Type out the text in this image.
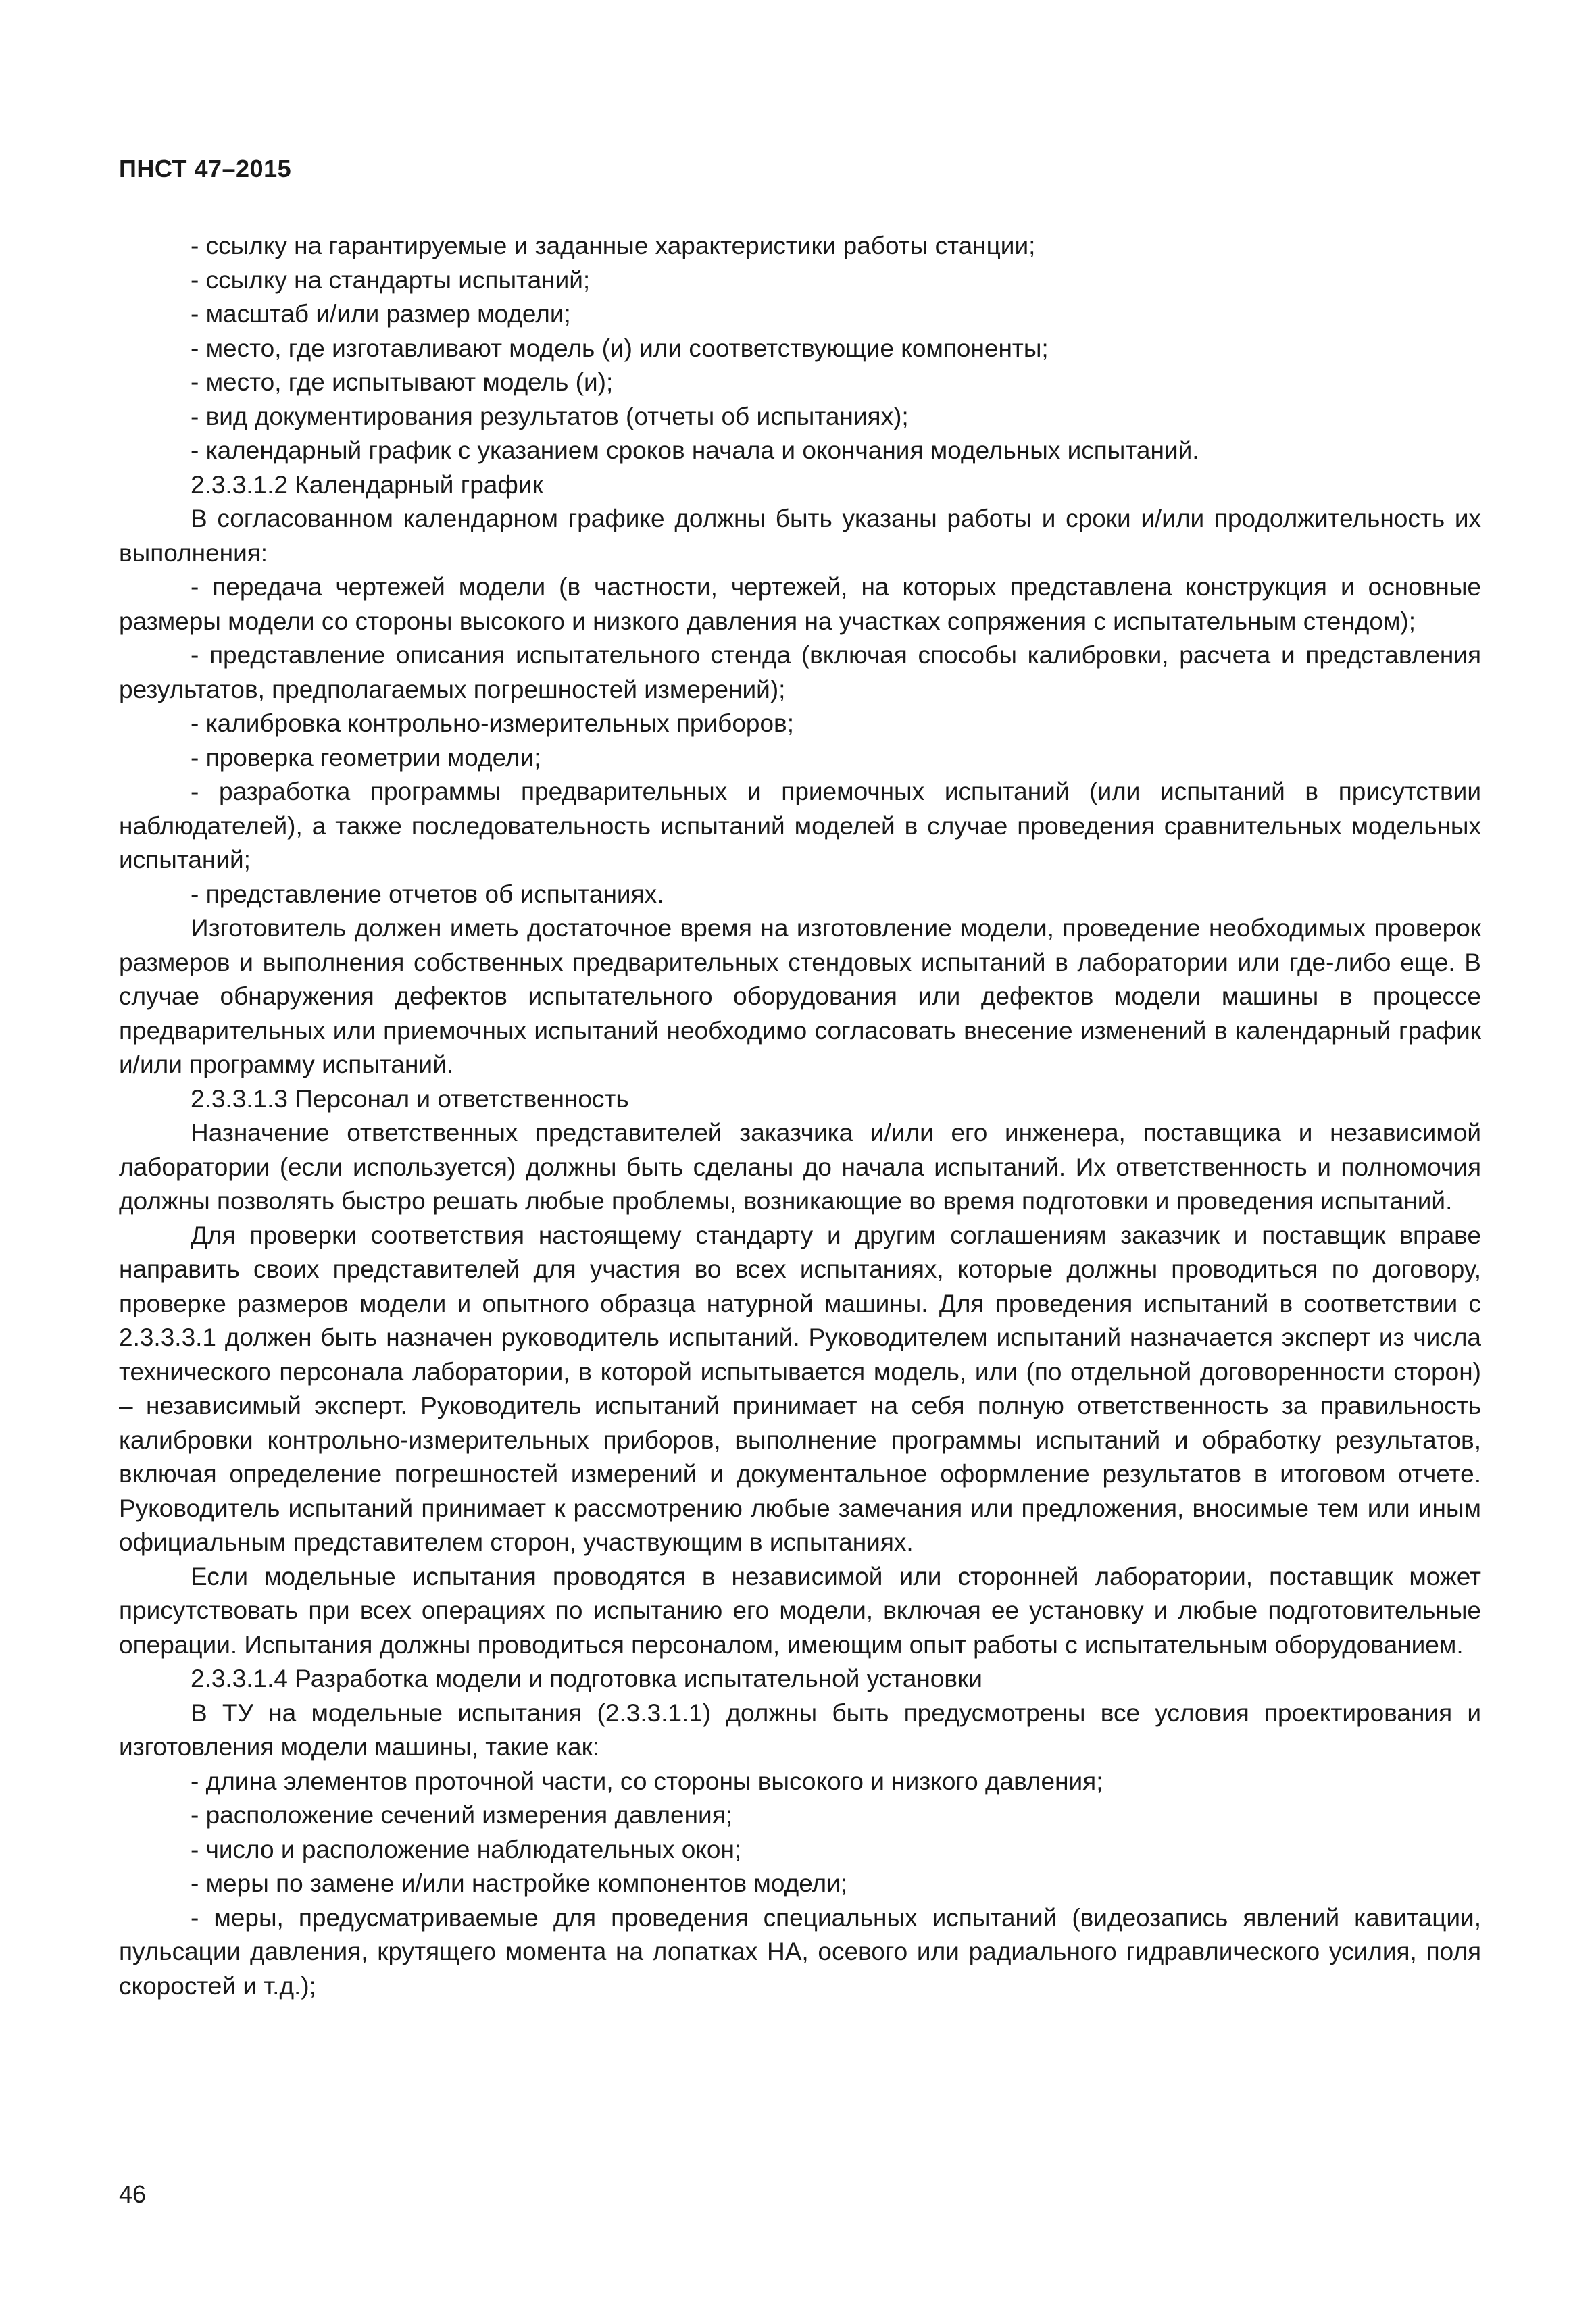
ПНСТ 47–2015

- ссылку на гарантируемые и заданные характеристики работы станции;

- ссылку на стандарты испытаний;

- масштаб и/или размер модели;

- место, где изготавливают модель (и) или соответствующие компоненты;

- место, где испытывают модель (и);

- вид документирования результатов (отчеты об испытаниях);

- календарный график с указанием сроков начала и окончания модельных испытаний.

2.3.3.1.2 Календарный график

В согласованном календарном графике должны быть указаны работы и сроки и/или продолжительность их выполнения:

- передача чертежей модели (в частности, чертежей, на которых представлена конструкция и основные размеры модели со стороны высокого и низкого давления на участках сопряжения с испытательным стендом);

- представление описания испытательного стенда (включая способы калибровки, расчета и представления результатов, предполагаемых погрешностей измерений);

- калибровка контрольно-измерительных приборов;

- проверка геометрии модели;

- разработка программы предварительных и приемочных испытаний (или испытаний в присутствии наблюдателей), а также последовательность испытаний моделей в случае проведения сравнительных модельных испытаний;

- представление отчетов об испытаниях.

Изготовитель должен иметь достаточное время на изготовление модели, проведение необходимых проверок размеров и выполнения собственных предварительных стендовых испытаний в лаборатории или где-либо еще. В случае обнаружения дефектов испытательного оборудования или дефектов модели машины в процессе предварительных или приемочных испытаний необходимо согласовать внесение изменений в календарный график и/или программу испытаний.

2.3.3.1.3 Персонал и ответственность

Назначение ответственных представителей заказчика и/или его инженера, поставщика и независимой лаборатории (если используется) должны быть сделаны до начала испытаний. Их ответственность и полномочия должны позволять быстро решать любые проблемы, возникающие во время подготовки и проведения испытаний.

Для проверки соответствия настоящему стандарту и другим соглашениям заказчик и поставщик вправе направить своих представителей для участия во всех испытаниях, которые должны проводиться по договору, проверке размеров модели и опытного образца натурной машины. Для проведения испытаний в соответствии с 2.3.3.3.1 должен быть назначен руководитель испытаний. Руководителем испытаний назначается эксперт из числа технического персонала лаборатории, в которой испытывается модель, или (по отдельной договоренности сторон) – независимый эксперт. Руководитель испытаний принимает на себя полную ответственность за правильность калибровки контрольно-измерительных приборов, выполнение программы испытаний и обработку результатов, включая определение погрешностей измерений и документальное оформление результатов в итоговом отчете. Руководитель испытаний принимает к рассмотрению любые замечания или предложения, вносимые тем или иным официальным представителем сторон, участвующим в испытаниях.

Если модельные испытания проводятся в независимой или сторонней лаборатории, поставщик может присутствовать при всех операциях по испытанию его модели, включая ее установку и любые подготовительные операции. Испытания должны проводиться персоналом, имеющим опыт работы с испытательным оборудованием.

2.3.3.1.4 Разработка модели и подготовка испытательной установки

В ТУ на модельные испытания (2.3.3.1.1) должны быть предусмотрены все условия проектирования и изготовления модели машины, такие как:

- длина элементов проточной части, со стороны высокого и низкого давления;

- расположение сечений измерения давления;

- число и расположение наблюдательных окон;

- меры по замене и/или настройке компонентов модели;

- меры, предусматриваемые для проведения специальных испытаний (видеозапись явлений кавитации, пульсации давления, крутящего момента на лопатках НА, осевого или радиального гидравлического усилия, поля скоростей и т.д.);

46
